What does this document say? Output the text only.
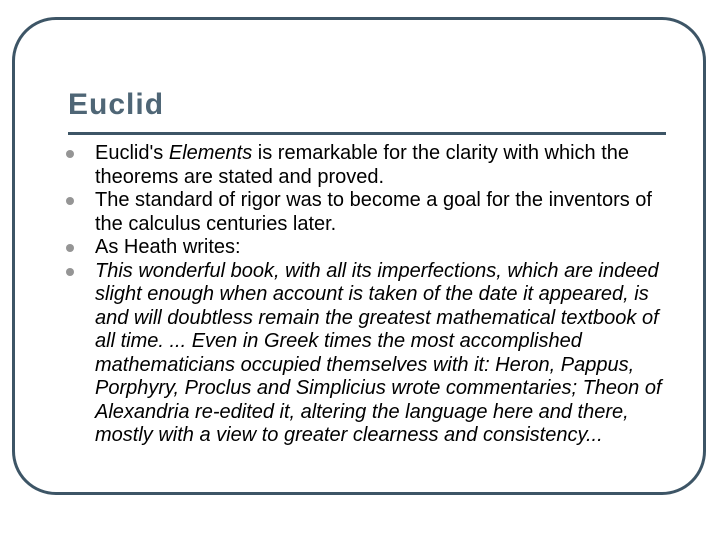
Euclid
Euclid's Elements is remarkable for the clarity with which the theorems are stated and proved.
The standard of rigor was to become a goal for the inventors of the calculus centuries later.
As Heath writes:
This wonderful book, with all its imperfections, which are indeed slight enough when account is taken of the date it appeared, is and will doubtless remain the greatest mathematical textbook of all time. ... Even in Greek times the most accomplished mathematicians occupied themselves with it: Heron, Pappus, Porphyry, Proclus and Simplicius wrote commentaries; Theon of Alexandria re-edited it, altering the language here and there, mostly with a view to greater clearness and consistency...
